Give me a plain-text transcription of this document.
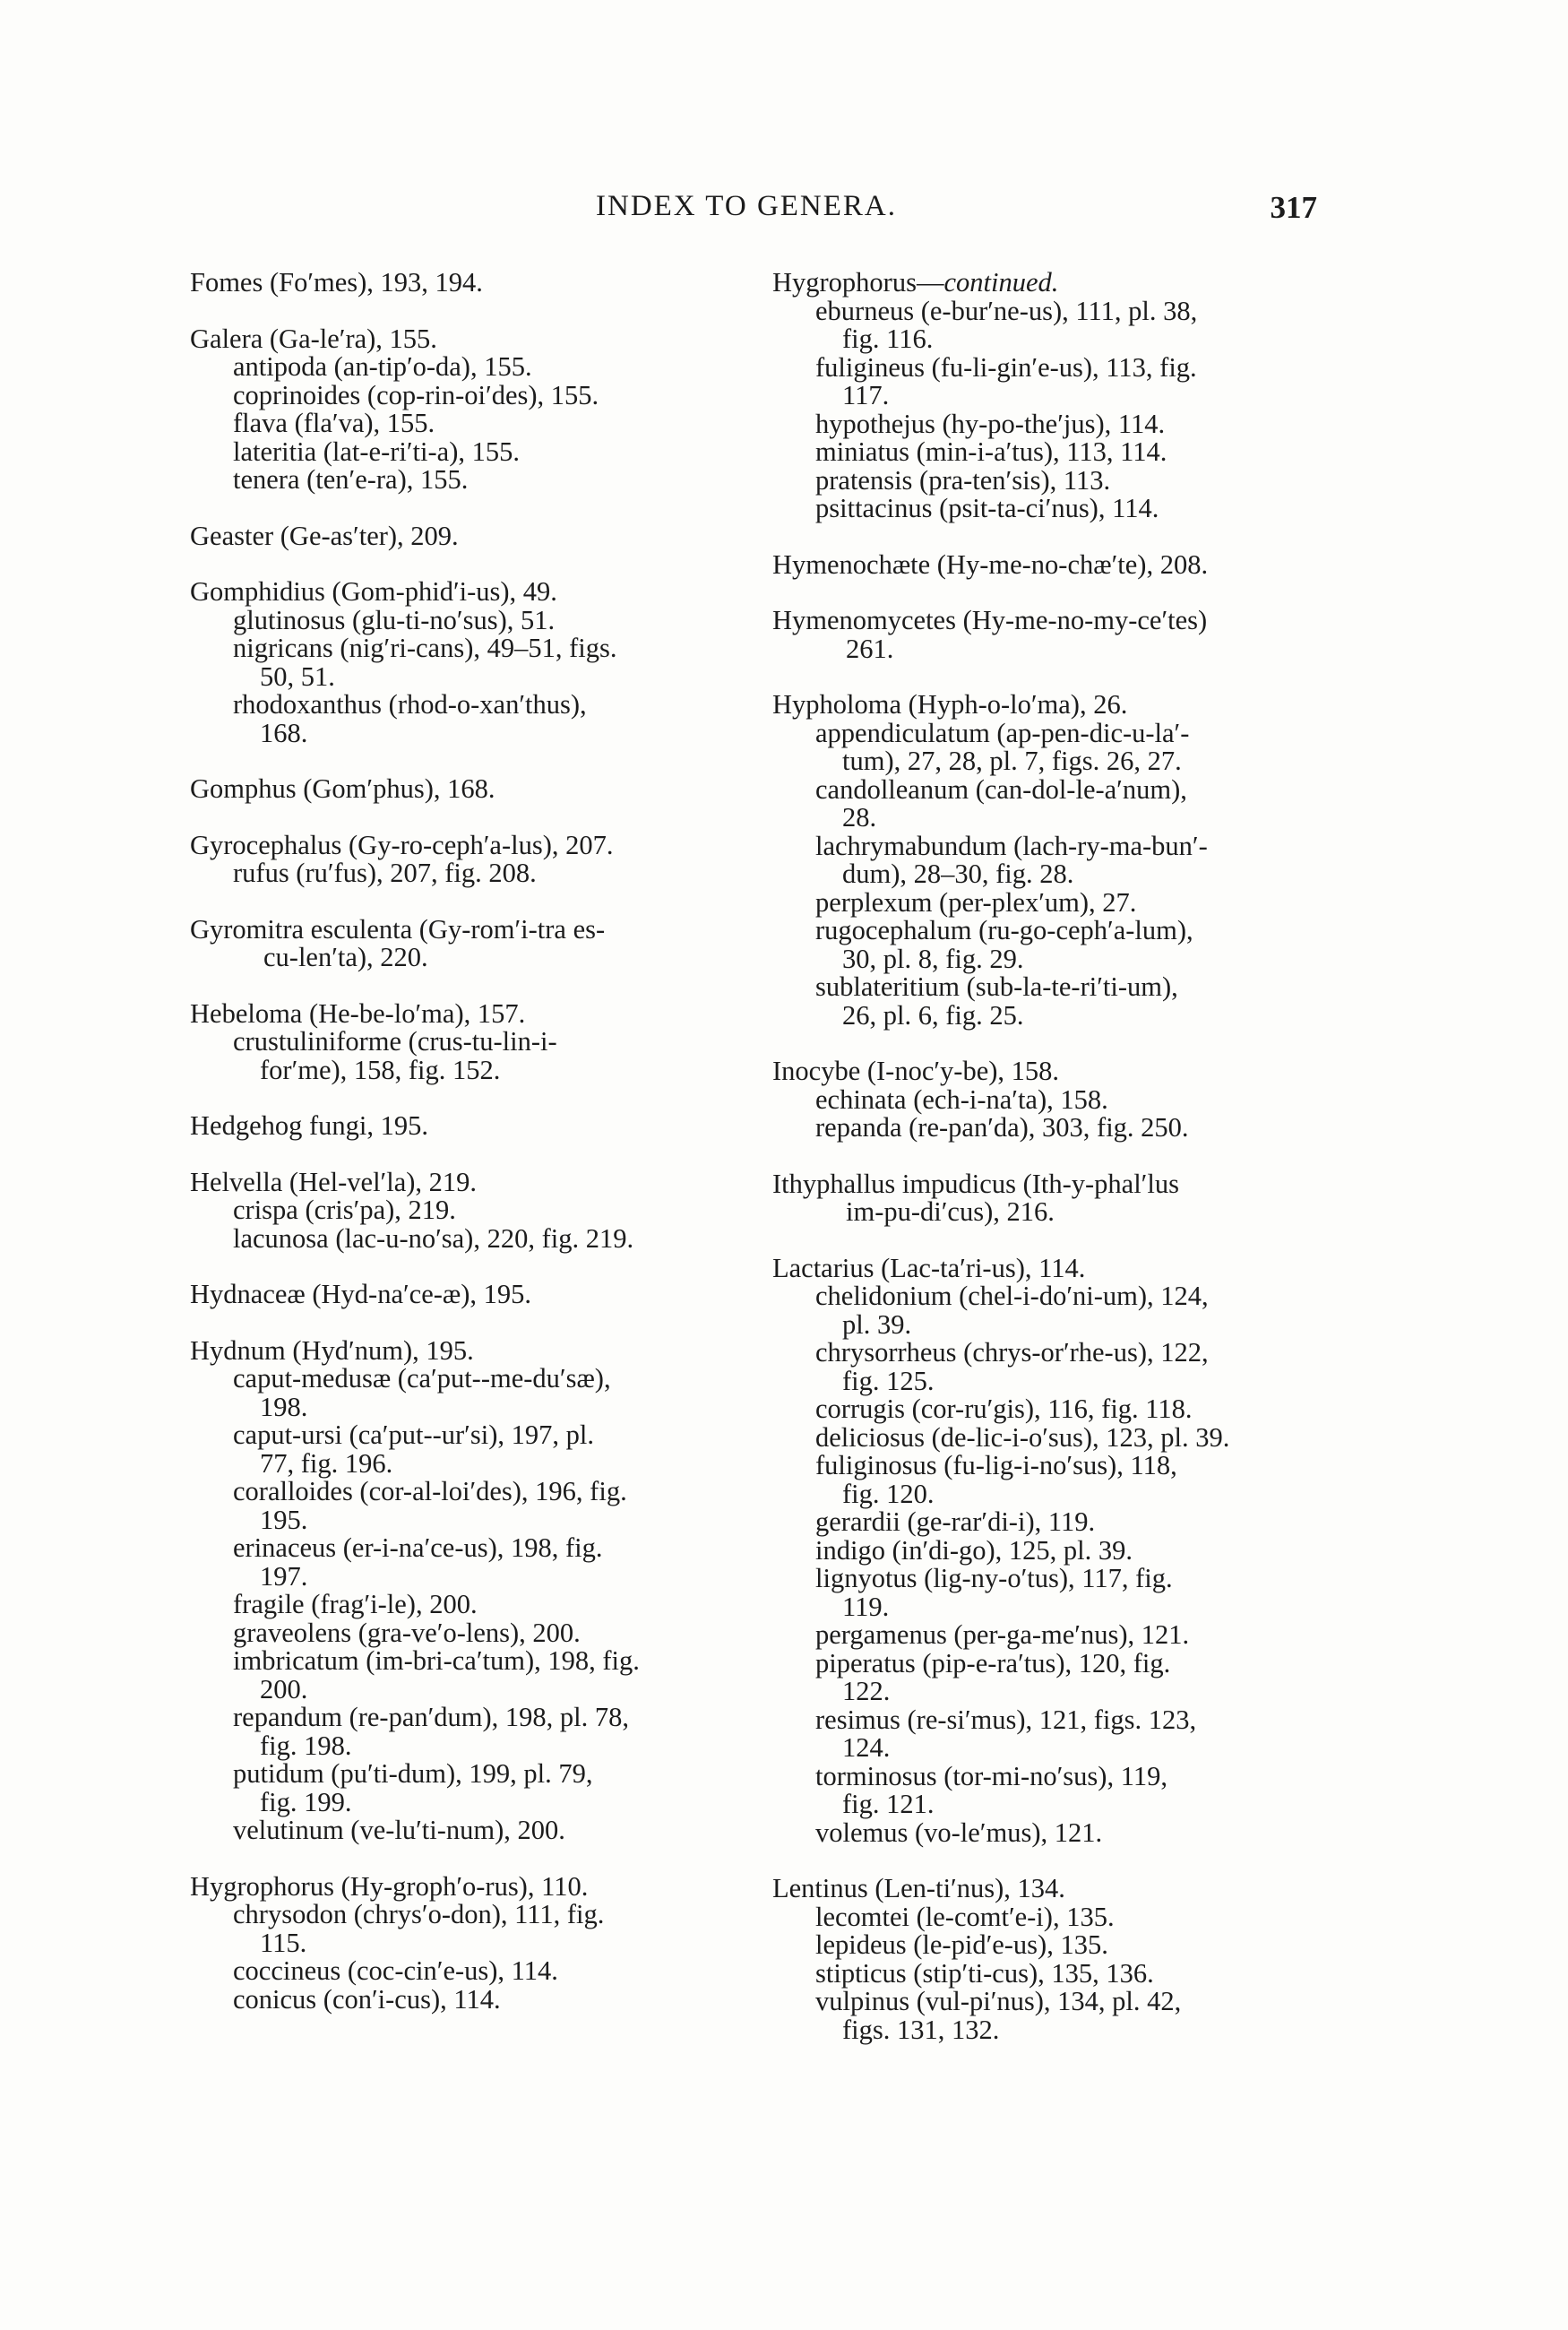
INDEX TO GENERA.	317
Fomes (Fo′mes), 193, 194.
Galera (Ga-le′ra), 155.
antipoda (an-tip′o-da), 155.
coprinoides (cop-rin-oi′des), 155.
flava (fla′va), 155.
lateritia (lat-e-ri′ti-a), 155.
tenera (ten′e-ra), 155.
Geaster (Ge-as′ter), 209.
Gomphidius (Gom-phid′i-us), 49.
glutinosus (glu-ti-no′sus), 51.
nigricans (nig′ri-cans), 49–51, figs.
50, 51.
rhodoxanthus (rhod-o-xan′thus),
168.
Gomphus (Gom′phus), 168.
Gyrocephalus (Gy-ro-ceph′a-lus), 207.
rufus (ru′fus), 207, fig. 208.
Gyromitra esculenta (Gy-rom′i-tra es-
cu-len′ta), 220.
Hebeloma (He-be-lo′ma), 157.
crustuliniforme (crus-tu-lin-i-
for′me), 158, fig. 152.
Hedgehog fungi, 195.
Helvella (Hel-vel′la), 219.
crispa (cris′pa), 219.
lacunosa (lac-u-no′sa), 220, fig. 219.
Hydnaceæ (Hyd-na′ce-æ), 195.
Hydnum (Hyd′num), 195.
caput-medusæ (ca′put--me-du′sæ),
198.
caput-ursi (ca′put--ur′si), 197, pl.
77, fig. 196.
coralloides (cor-al-loi′des), 196, fig.
195.
erinaceus (er-i-na′ce-us), 198, fig.
197.
fragile (frag′i-le), 200.
graveolens (gra-ve′o-lens), 200.
imbricatum (im-bri-ca′tum), 198, fig.
200.
repandum (re-pan′dum), 198, pl. 78,
fig. 198.
putidum (pu′ti-dum), 199, pl. 79,
fig. 199.
velutinum (ve-lu′ti-num), 200.
Hygrophorus (Hy-groph′o-rus), 110.
chrysodon (chrys′o-don), 111, fig.
115.
coccineus (coc-cin′e-us), 114.
conicus (con′i-cus), 114.
Hygrophorus—continued.
eburneus (e-bur′ne-us), 111, pl. 38,
fig. 116.
fuligineus (fu-li-gin′e-us), 113, fig.
117.
hypothejus (hy-po-the′jus), 114.
miniatus (min-i-a′tus), 113, 114.
pratensis (pra-ten′sis), 113.
psittacinus (psit-ta-ci′nus), 114.
Hymenochæte (Hy-me-no-chæ′te), 208.
Hymenomycetes (Hy-me-no-my-ce′tes)
261.
Hypholoma (Hyph-o-lo′ma), 26.
appendiculatum (ap-pen-dic-u-la′-
tum), 27, 28, pl. 7, figs. 26, 27.
candolleanum (can-dol-le-a′num),
28.
lachrymabundum (lach-ry-ma-bun′-
dum), 28–30, fig. 28.
perplexum (per-plex′um), 27.
rugocephalum (ru-go-ceph′a-lum),
30, pl. 8, fig. 29.
sublateritium (sub-la-te-ri′ti-um),
26, pl. 6, fig. 25.
Inocybe (I-noc′y-be), 158.
echinata (ech-i-na′ta), 158.
repanda (re-pan′da), 303, fig. 250.
Ithyphallus impudicus (Ith-y-phal′lus
im-pu-di′cus), 216.
Lactarius (Lac-ta′ri-us), 114.
chelidonium (chel-i-do′ni-um), 124,
pl. 39.
chrysorrheus (chrys-or′rhe-us), 122,
fig. 125.
corrugis (cor-ru′gis), 116, fig. 118.
deliciosus (de-lic-i-o′sus), 123, pl. 39.
fuliginosus (fu-lig-i-no′sus), 118,
fig. 120.
gerardii (ge-rar′di-i), 119.
indigo (in′di-go), 125, pl. 39.
lignyotus (lig-ny-o′tus), 117, fig.
119.
pergamenus (per-ga-me′nus), 121.
piperatus (pip-e-ra′tus), 120, fig.
122.
resimus (re-si′mus), 121, figs. 123,
124.
torminosus (tor-mi-no′sus), 119,
fig. 121.
volemus (vo-le′mus), 121.
Lentinus (Len-ti′nus), 134.
lecomtei (le-comt′e-i), 135.
lepideus (le-pid′e-us), 135.
stipticus (stip′ti-cus), 135, 136.
vulpinus (vul-pi′nus), 134, pl. 42,
figs. 131, 132.
